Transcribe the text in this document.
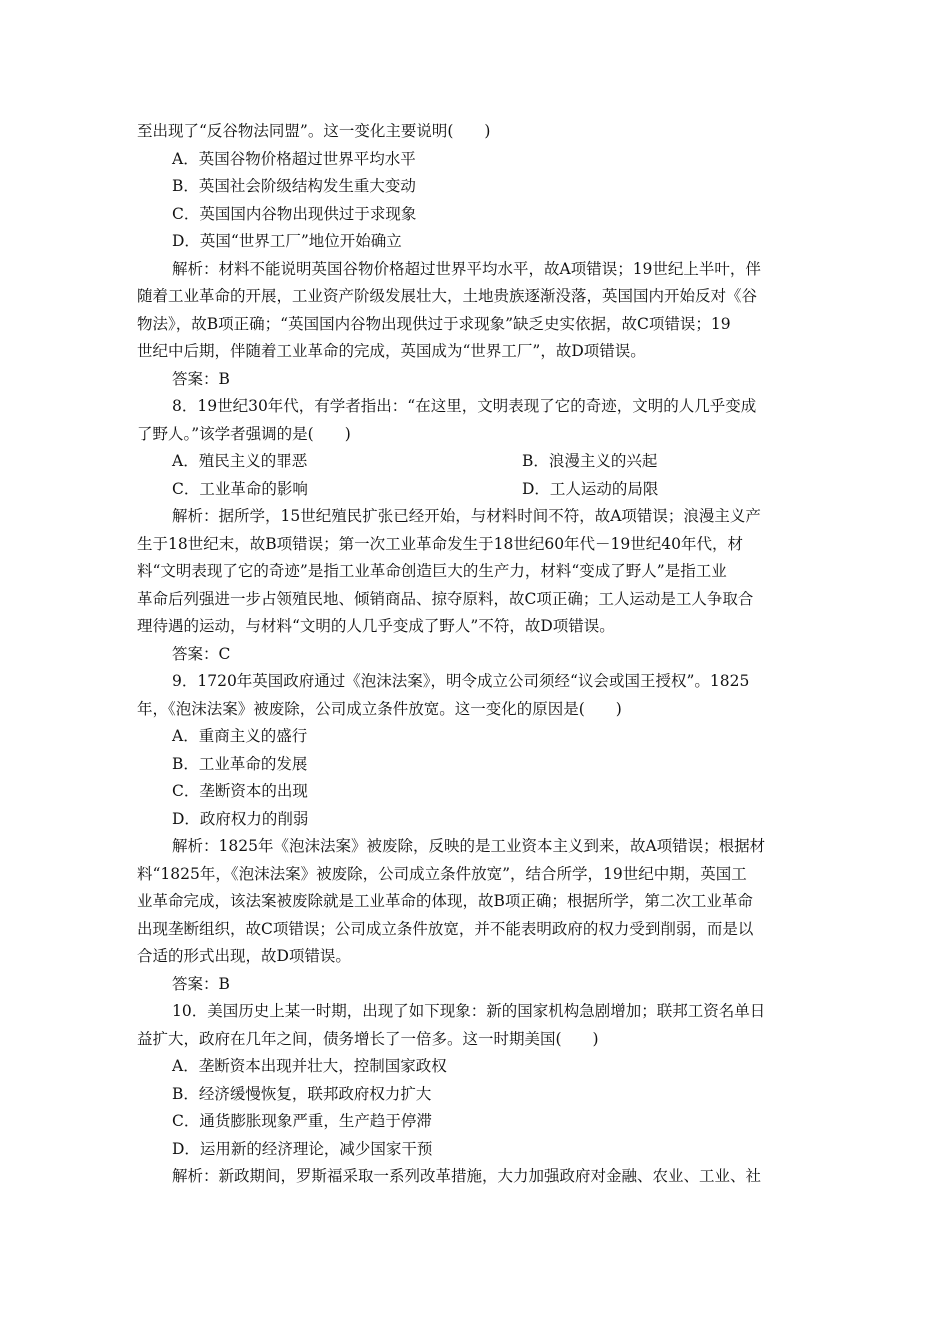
至出现了“反谷物法同盟”。这一变化主要说明(　　)
A．英国谷物价格超过世界平均水平
B．英国社会阶级结构发生重大变动
C．英国国内谷物出现供过于求现象
D．英国“世界工厂”地位开始确立
解析：材料不能说明英国谷物价格超过世界平均水平，故A项错误；19世纪上半叶，伴
随着工业革命的开展，工业资产阶级发展壮大，土地贵族逐渐没落，英国国内开始反对《谷
物法》，故B项正确；“英国国内谷物出现供过于求现象”缺乏史实依据，故C项错误；19
世纪中后期，伴随着工业革命的完成，英国成为“世界工厂”，故D项错误。
答案：B
8．19世纪30年代，有学者指出：“在这里，文明表现了它的奇迹，文明的人几乎变成
了野人。”该学者强调的是(　　)
A．殖民主义的罪恶	B．浪漫主义的兴起
C．工业革命的影响	D．工人运动的局限
解析：据所学，15世纪殖民扩张已经开始，与材料时间不符，故A项错误；浪漫主义产
生于18世纪末，故B项错误；第一次工业革命发生于18世纪60年代－19世纪40年代，材
料“文明表现了它的奇迹”是指工业革命创造巨大的生产力，材料“变成了野人”是指工业
革命后列强进一步占领殖民地、倾销商品、掠夺原料，故C项正确；工人运动是工人争取合
理待遇的运动，与材料“文明的人几乎变成了野人”不符，故D项错误。
答案：C
9．1720年英国政府通过《泡沫法案》，明令成立公司须经“议会或国王授权”。1825
年，《泡沫法案》被废除，公司成立条件放宽。这一变化的原因是(　　)
A．重商主义的盛行
B．工业革命的发展
C．垄断资本的出现
D．政府权力的削弱
解析：1825年《泡沫法案》被废除，反映的是工业资本主义到来，故A项错误；根据材
料“1825年，《泡沫法案》被废除，公司成立条件放宽”，结合所学，19世纪中期，英国工
业革命完成，该法案被废除就是工业革命的体现，故B项正确；根据所学，第二次工业革命
出现垄断组织，故C项错误；公司成立条件放宽，并不能表明政府的权力受到削弱，而是以
合适的形式出现，故D项错误。
答案：B
10．美国历史上某一时期，出现了如下现象：新的国家机构急剧增加；联邦工资名单日
益扩大，政府在几年之间，债务增长了一倍多。这一时期美国(　　)
A．垄断资本出现并壮大，控制国家政权
B．经济缓慢恢复，联邦政府权力扩大
C．通货膨胀现象严重，生产趋于停滞
D．运用新的经济理论，减少国家干预
解析：新政期间，罗斯福采取一系列改革措施，大力加强政府对金融、农业、工业、社
